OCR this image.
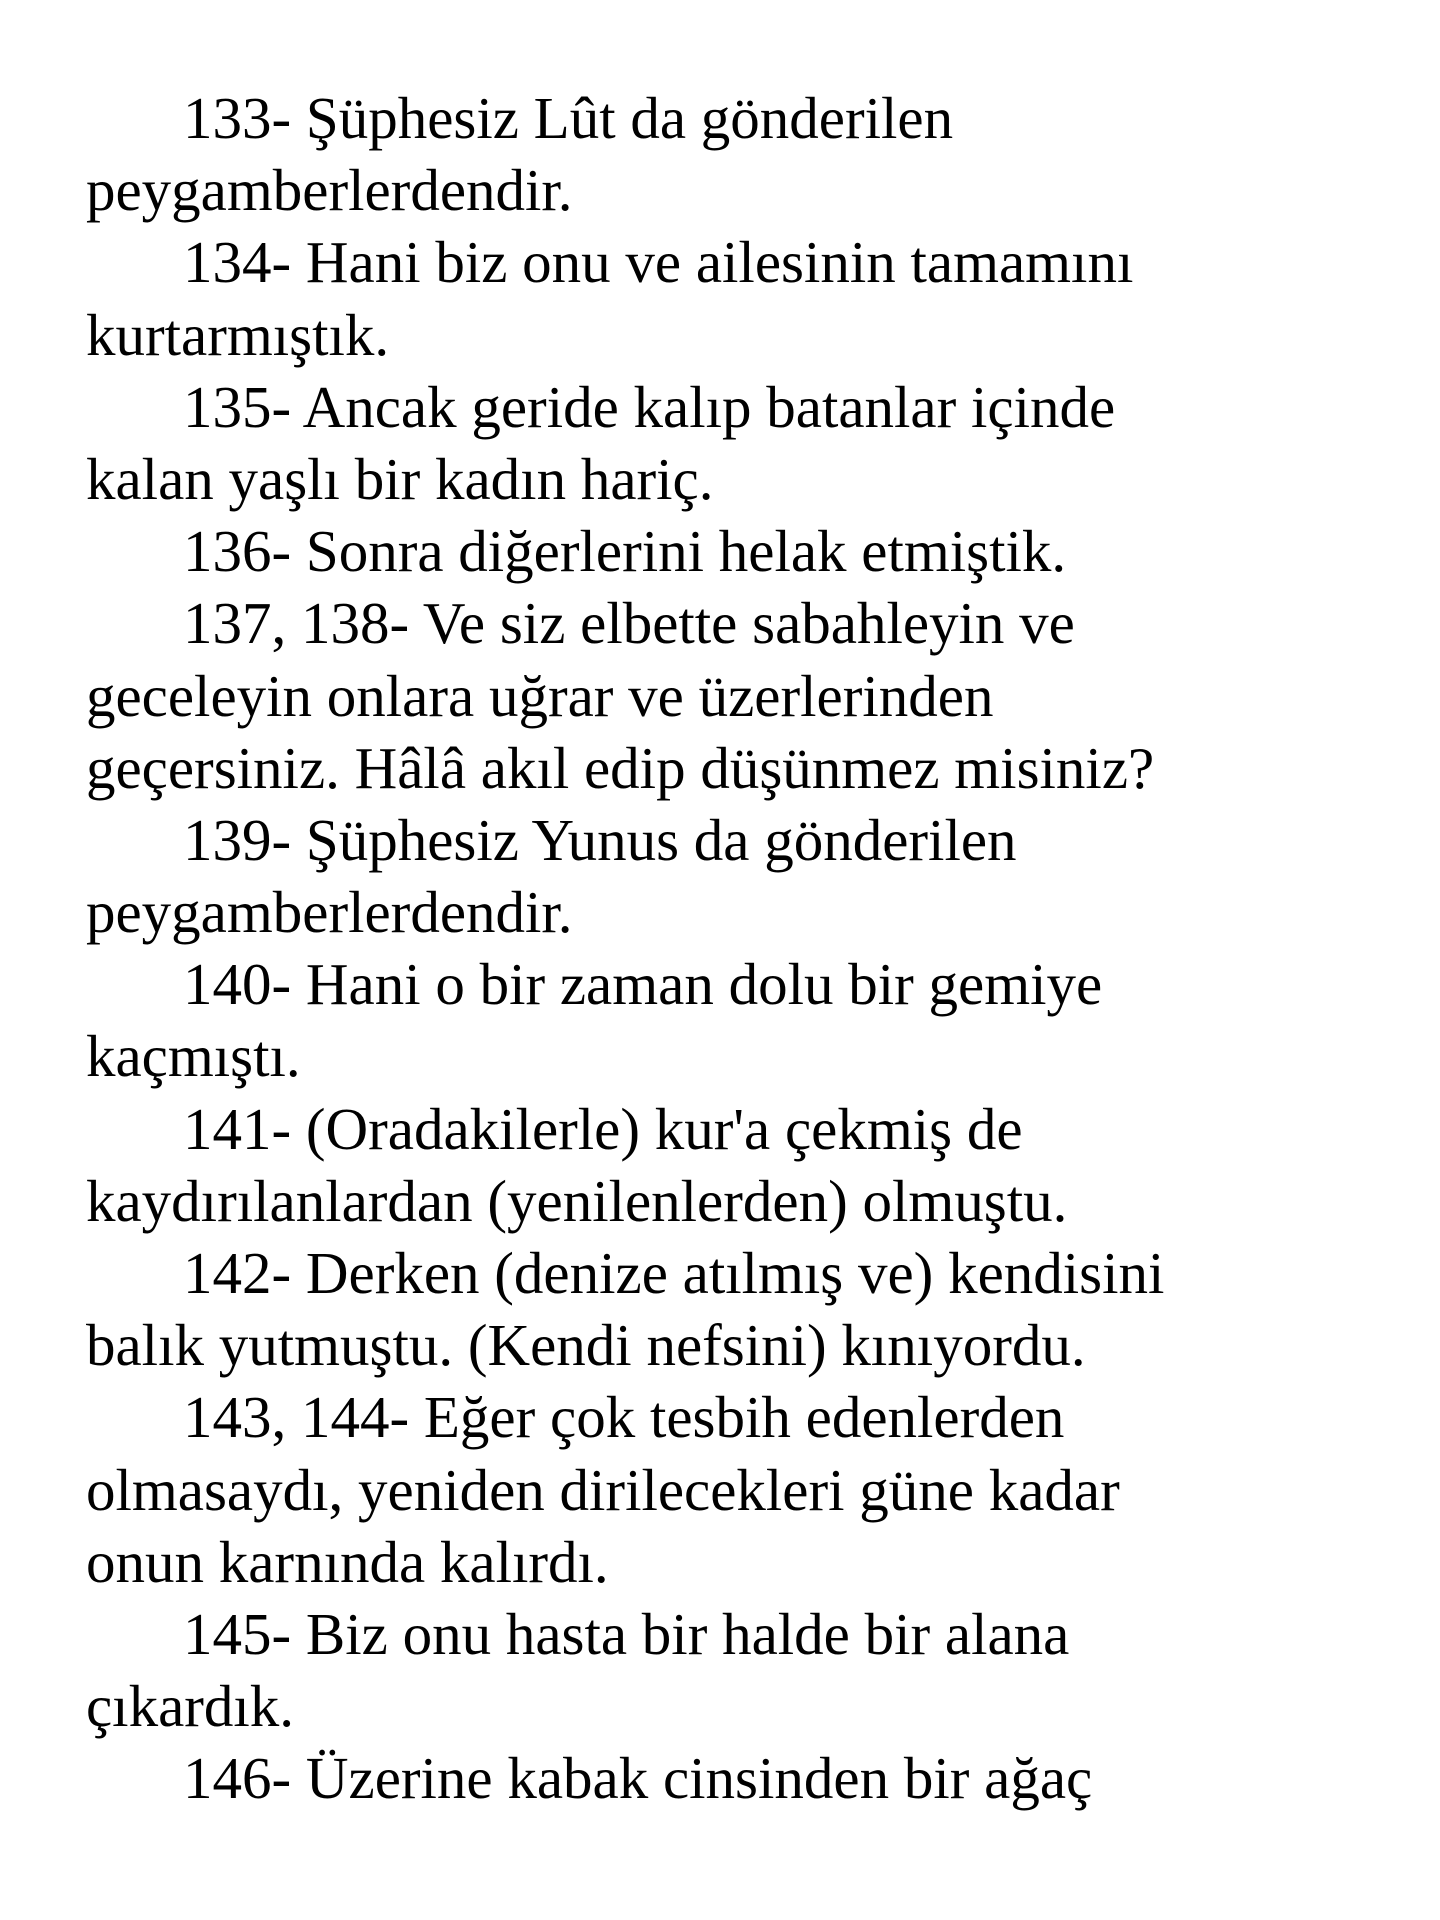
133- Şüphesiz Lût da gönderilen
peygamberlerdendir.
134- Hani biz onu ve ailesinin tamamını
kurtarmıştık.
135- Ancak geride kalıp batanlar içinde
kalan yaşlı bir kadın hariç.
136- Sonra diğerlerini helak etmiştik.
137, 138- Ve siz elbette sabahleyin ve
geceleyin onlara uğrar ve üzerlerinden
geçersiniz. Hâlâ akıl edip düşünmez misiniz?
139- Şüphesiz Yunus da gönderilen
peygamberlerdendir.
140- Hani o bir zaman dolu bir gemiye
kaçmıştı.
141- (Oradakilerle) kur'a çekmiş de
kaydırılanlardan (yenilenlerden) olmuştu.
142- Derken (denize atılmış ve) kendisini
balık yutmuştu. (Kendi nefsini) kınıyordu.
143, 144- Eğer çok tesbih edenlerden
olmasaydı, yeniden dirilecekleri güne kadar
onun karnında kalırdı.
145- Biz onu hasta bir halde bir alana
çıkardık.
146- Üzerine kabak cinsinden bir ağaç
